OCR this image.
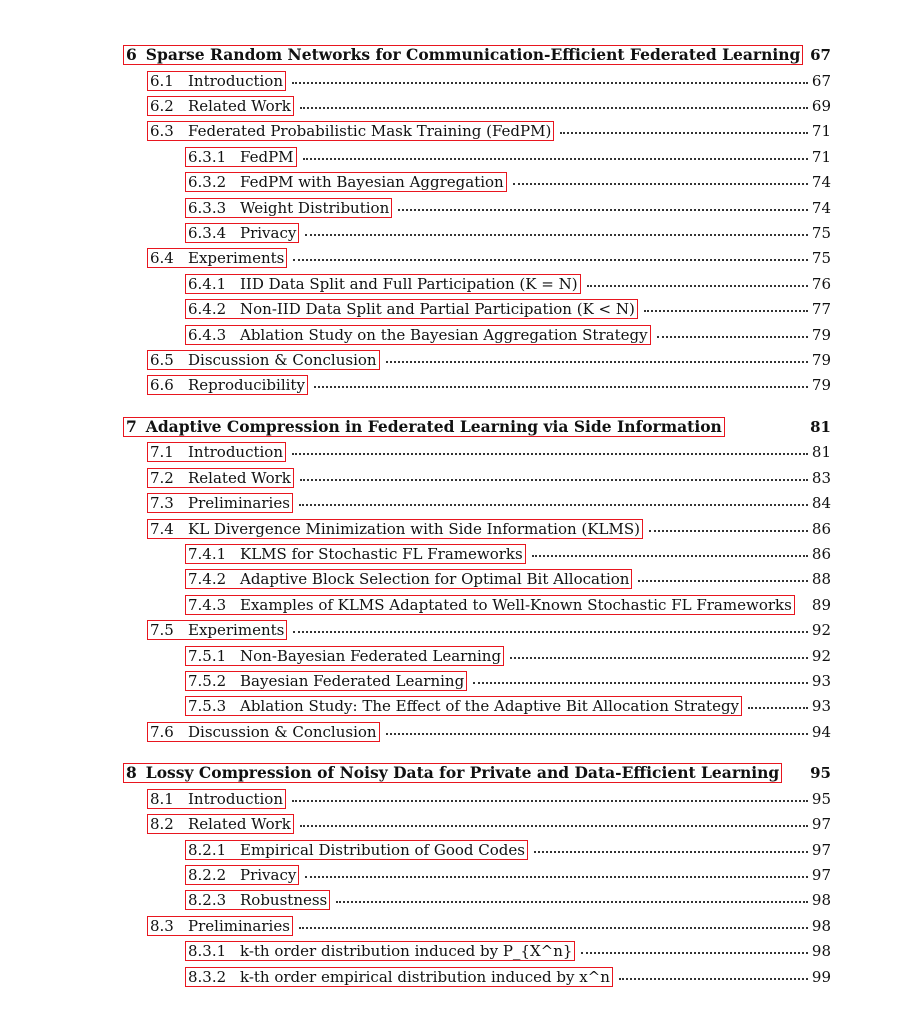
6 Sparse Random Networks for Communication-Efficient Federated Learning 67
6.1 Introduction	67
6.2 Related Work	69
6.3 Federated Probabilistic Mask Training (FedPM)	71
6.3.1 FedPM	71
6.3.2 FedPM with Bayesian Aggregation	74
6.3.3 Weight Distribution	74
6.3.4 Privacy	75
6.4 Experiments	75
6.4.1 IID Data Split and Full Participation (K = N)	76
6.4.2 Non-IID Data Split and Partial Participation (K < N)	77
6.4.3 Ablation Study on the Bayesian Aggregation Strategy	79
6.5 Discussion & Conclusion	79
6.6 Reproducibility	79
7 Adaptive Compression in Federated Learning via Side Information	81
7.1 Introduction	81
7.2 Related Work	83
7.3 Preliminaries	84
7.4 KL Divergence Minimization with Side Information (KLMS)	86
7.4.1 KLMS for Stochastic FL Frameworks	86
7.4.2 Adaptive Block Selection for Optimal Bit Allocation	88
7.4.3 Examples of KLMS Adaptated to Well-Known Stochastic FL Frameworks	89
7.5 Experiments	92
7.5.1 Non-Bayesian Federated Learning	92
7.5.2 Bayesian Federated Learning	93
7.5.3 Ablation Study: The Effect of the Adaptive Bit Allocation Strategy	93
7.6 Discussion & Conclusion	94
8 Lossy Compression of Noisy Data for Private and Data-Efficient Learning	95
8.1 Introduction	95
8.2 Related Work	97
8.2.1 Empirical Distribution of Good Codes	97
8.2.2 Privacy	97
8.2.3 Robustness	98
8.3 Preliminaries	98
8.3.1 k-th order distribution induced by P_{X^n}	98
8.3.2 k-th order empirical distribution induced by x^n	99
